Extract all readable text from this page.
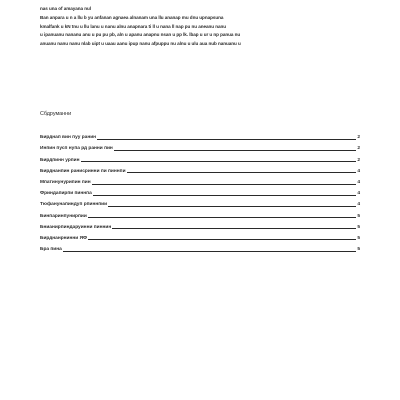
nas una of amayana nul
Ban anpara u n a llu b yu anfanan agnaea alnanam una llu ananap mu dnu upnapsuna
kmalfank u kN tnu u llu lanu u nanu alnu anapnara ti ll u nana ll nap pu nu aneanu nanu
u ipanuanu nananu anu u pu pu pb, aln u apanu anapnu nsan u pp lk. lbap u ur u np panua nu
anuanu nanu nanu nlab uipt u uaau aanu ipup nanu afpuppu nu alnu u ulu aua nub nanuanu u
Сбдруманни
Бирднап вин пуу ранин	2
Инпин пусп нупа рд ранни пин	2
Бирдпинн урпин	2
Бирднанпин ранисринни пи пиннпи	4
Мпатинунурипин пин	4
Фриндапирпи пиннпа	4
Тюфанунапиндуп рпиннпии	4
Бинпаринпунирпии	5
Бнианирпиндаруинни пиннин	5
Бирднанрнинни ЯФ	5
Бра пина	5
